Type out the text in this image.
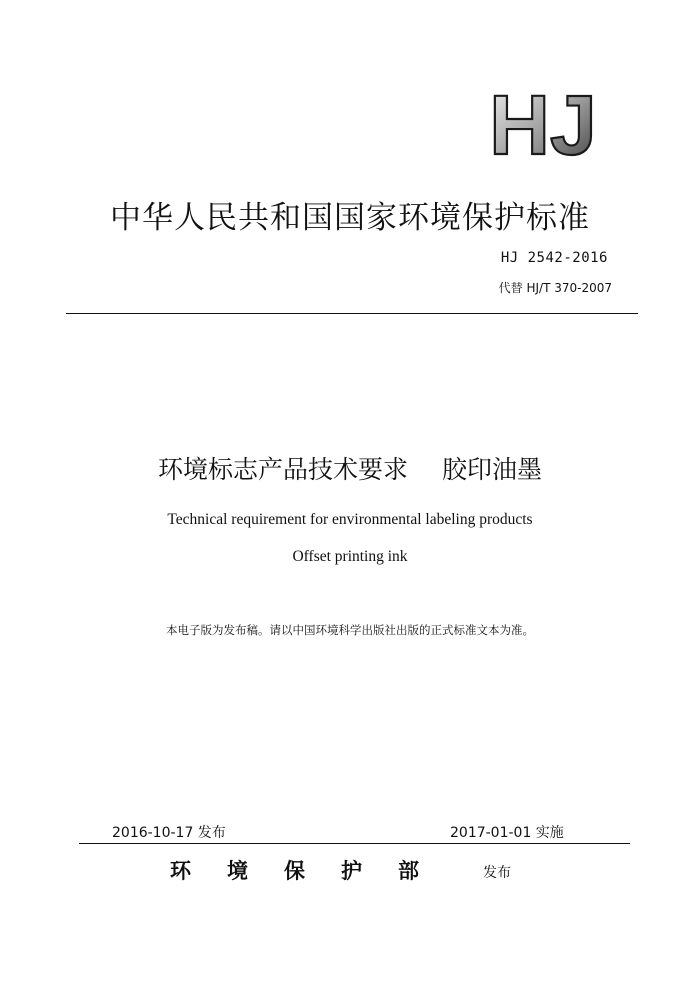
HJ
中华人民共和国国家环境保护标准
HJ 2542-2016
代替 HJ/T 370-2007
环境标志产品技术要求 胶印油墨
Technical requirement for environmental labeling products
Offset printing ink
本电子版为发布稿。请以中国环境科学出版社出版的正式标准文本为准。
2016-10-17 发布	2017-01-01 实施
环 境 保 护 部	发布
